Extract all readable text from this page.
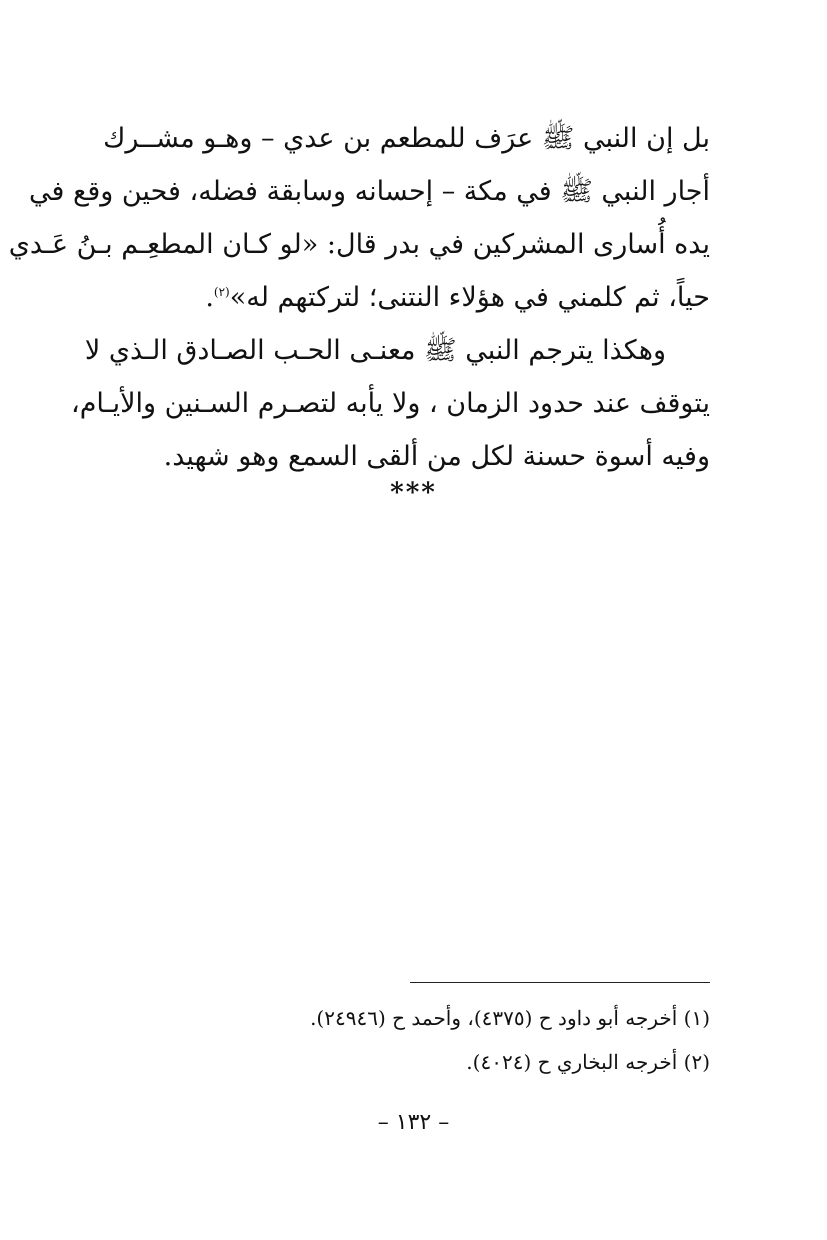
بل إن النبي ﷺ عرَف للمطعم بن عدي – وهـو مشــرك
أجار النبي ﷺ في مكة – إحسانه وسابقة فضله، فحين وقع في
يده أُسارى المشركين في بدر قال: «لو كـان المطعِـم بـنُ عَـدي
حياً، ثم كلمني في هؤلاء النتنى؛ لتركتهم له»$^{(٢)}$.

وهكذا يترجم النبي ﷺ معنـى الحـب الصـادق الـذي لا
يتوقف عند حدود الزمان ، ولا يأبه لتصـرم السـنين والأيـام،
وفيه أسوة حسنة لكل من ألقى السمع وهو شهيد.

***

(١) أخرجه أبو داود ح (٤٣٧٥)، وأحمد ح (٢٤٩٤٦).

(٢) أخرجه البخاري ح (٤٠٢٤).

– ١٣٢ –
